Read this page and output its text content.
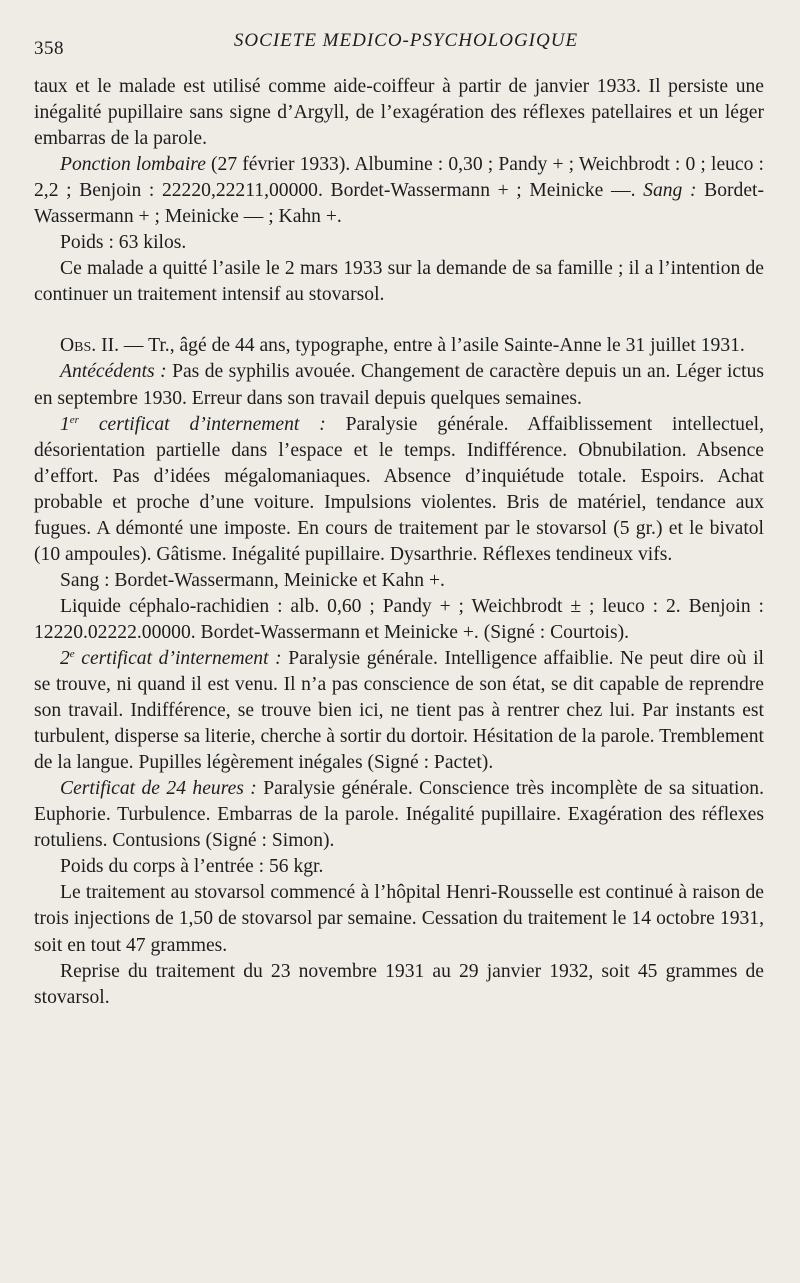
358	SOCIETE MEDICO-PSYCHOLOGIQUE

taux et le malade est utilisé comme aide-coiffeur à partir de janvier 1933. Il persiste une inégalité pupillaire sans signe d’Argyll, de l’exagération des réflexes patellaires et un léger embarras de la parole.

Ponction lombaire (27 février 1933). Albumine : 0,30 ; Pandy + ; Weichbrodt : 0 ; leuco : 2,2 ; Benjoin : 22220,22211,00000. Bordet-Wassermann + ; Meinicke —. Sang : Bordet-Wassermann + ; Meinicke — ; Kahn +.

Poids : 63 kilos.

Ce malade a quitté l’asile le 2 mars 1933 sur la demande de sa famille ; il a l’intention de continuer un traitement intensif au stovarsol.

Obs. II. — Tr., âgé de 44 ans, typographe, entre à l’asile Sainte-Anne le 31 juillet 1931.

Antécédents : Pas de syphilis avouée. Changement de caractère depuis un an. Léger ictus en septembre 1930. Erreur dans son travail depuis quelques semaines.

1er certificat d’internement : Paralysie générale. Affaiblissement intellectuel, désorientation partielle dans l’espace et le temps. Indifférence. Obnubilation. Absence d’effort. Pas d’idées mégalomaniaques. Absence d’inquiétude totale. Espoirs. Achat probable et proche d’une voiture. Impulsions violentes. Bris de matériel, tendance aux fugues. A démonté une imposte. En cours de traitement par le stovarsol (5 gr.) et le bivatol (10 ampoules). Gâtisme. Inégalité pupillaire. Dysarthrie. Réflexes tendineux vifs.

Sang : Bordet-Wassermann, Meinicke et Kahn +.

Liquide céphalo-rachidien : alb. 0,60 ; Pandy + ; Weichbrodt ± ; leuco : 2. Benjoin : 12220.02222.00000. Bordet-Wassermann et Meinicke +. (Signé : Courtois).

2e certificat d’internement : Paralysie générale. Intelligence affaiblie. Ne peut dire où il se trouve, ni quand il est venu. Il n’a pas conscience de son état, se dit capable de reprendre son travail. Indifférence, se trouve bien ici, ne tient pas à rentrer chez lui. Par instants est turbulent, disperse sa literie, cherche à sortir du dortoir. Hésitation de la parole. Tremblement de la langue. Pupilles légèrement inégales (Signé : Pactet).

Certificat de 24 heures : Paralysie générale. Conscience très incomplète de sa situation. Euphorie. Turbulence. Embarras de la parole. Inégalité pupillaire. Exagération des réflexes rotuliens. Contusions (Signé : Simon).

Poids du corps à l’entrée : 56 kgr.

Le traitement au stovarsol commencé à l’hôpital Henri-Rousselle est continué à raison de trois injections de 1,50 de stovarsol par semaine. Cessation du traitement le 14 octobre 1931, soit en tout 47 grammes.

Reprise du traitement du 23 novembre 1931 au 29 janvier 1932, soit 45 grammes de stovarsol.
